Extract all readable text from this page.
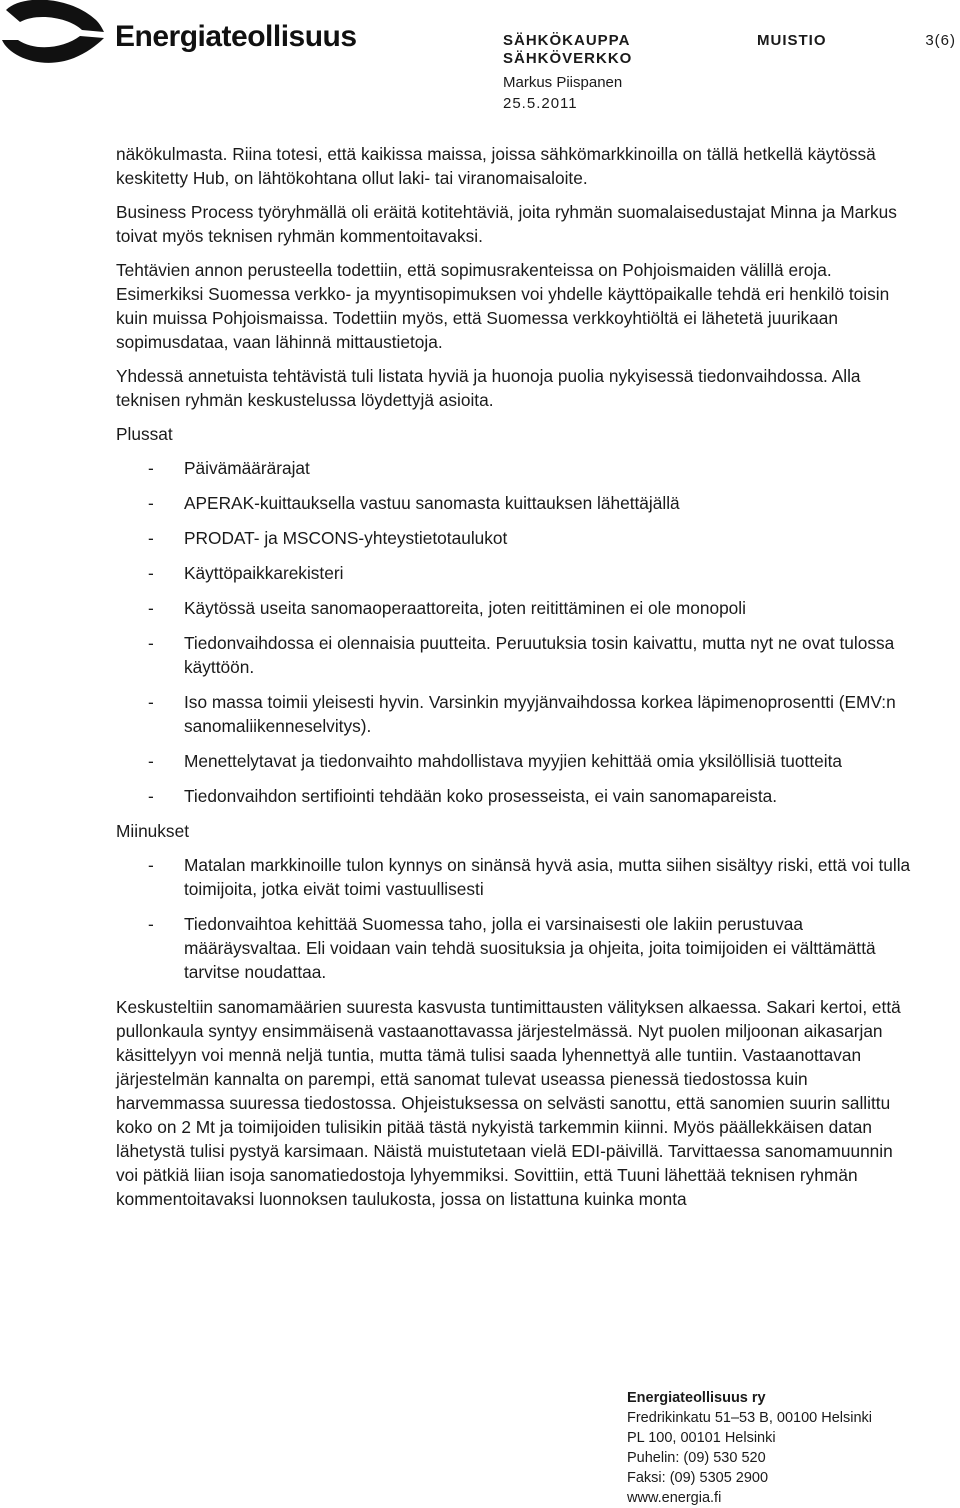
Energiateollisuus	SÄHKÖKAUPPA
SÄHKÖVERKKO
MUISTIO	3(6)
Markus Piispanen
25.5.2011

näkökulmasta. Riina totesi, että kaikissa maissa, joissa sähkömarkkinoilla on tällä hetkellä käytössä keskitetty Hub, on lähtökohtana ollut laki- tai viranomaisaloite.

Business Process työryhmällä oli eräitä kotitehtäviä, joita ryhmän suomalaisedustajat Minna ja Markus toivat myös teknisen ryhmän kommentoitavaksi.

Tehtävien annon perusteella todettiin, että sopimusrakenteissa on Pohjoismaiden välillä eroja. Esimerkiksi Suomessa verkko- ja myyntisopimuksen voi yhdelle käyttöpaikalle tehdä eri henkilö toisin kuin muissa Pohjoismaissa. Todettiin myös, että Suomessa verkkoyhtiöltä ei lähetetä juurikaan sopimusdataa, vaan lähinnä mittaustietoja.

Yhdessä annetuista tehtävistä tuli listata hyviä ja huonoja puolia nykyisessä tiedonvaihdossa. Alla teknisen ryhmän keskustelussa löydettyjä asioita.

Plussat

- Päivämäärärajat
- APERAK-kuittauksella vastuu sanomasta kuittauksen lähettäjällä
- PRODAT- ja MSCONS-yhteystietotaulukot
- Käyttöpaikkarekisteri
- Käytössä useita sanomaoperaattoreita, joten reitittäminen ei ole monopoli
- Tiedonvaihdossa ei olennaisia puutteita. Peruutuksia tosin kaivattu, mutta nyt ne ovat tulossa käyttöön.
- Iso massa toimii yleisesti hyvin. Varsinkin myyjänvaihdossa korkea läpimenoprosentti (EMV:n sanomaliikenneselvitys).
- Menettelytavat ja tiedonvaihto mahdollistava myyjien kehittää omia yksilöllisiä tuotteita
- Tiedonvaihdon sertifiointi tehdään koko prosesseista, ei vain sanomapareista.

Miinukset

- Matalan markkinoille tulon kynnys on sinänsä hyvä asia, mutta siihen sisältyy riski, että voi tulla toimijoita, jotka eivät toimi vastuullisesti
- Tiedonvaihtoa kehittää Suomessa taho, jolla ei varsinaisesti ole lakiin perustuvaa määräysvaltaa. Eli voidaan vain tehdä suosituksia ja ohjeita, joita toimijoiden ei välttämättä tarvitse noudattaa.

Keskusteltiin sanomamäärien suuresta kasvusta tuntimittausten välityksen alkaessa. Sakari kertoi, että pullonkaula syntyy ensimmäisenä vastaanottavassa järjestelmässä. Nyt puolen miljoonan aikasarjan käsittelyyn voi mennä neljä tuntia, mutta tämä tulisi saada lyhennettyä alle tuntiin. Vastaanottavan järjestelmän kannalta on parempi, että sanomat tulevat useassa pienessä tiedostossa kuin harvemmassa suuressa tiedostossa. Ohjeistuksessa on selvästi sanottu, että sanomien suurin sallittu koko on 2 Mt ja toimijoiden tulisikin pitää tästä nykyistä tarkemmin kiinni. Myös päällekkäisen datan lähetystä tulisi pystyä karsimaan. Näistä muistutetaan vielä EDI-päivillä. Tarvittaessa sanomamuunnin voi pätkiä liian isoja sanomatiedostoja lyhyemmiksi. Sovittiin, että Tuuni lähettää teknisen ryhmän kommentoitavaksi luonnoksen taulukosta, jossa on listattuna kuinka monta

Energiateollisuus ry
Fredrikinkatu 51–53 B, 00100 Helsinki
PL 100, 00101 Helsinki
Puhelin: (09) 530 520
Faksi: (09) 5305 2900
www.energia.fi
